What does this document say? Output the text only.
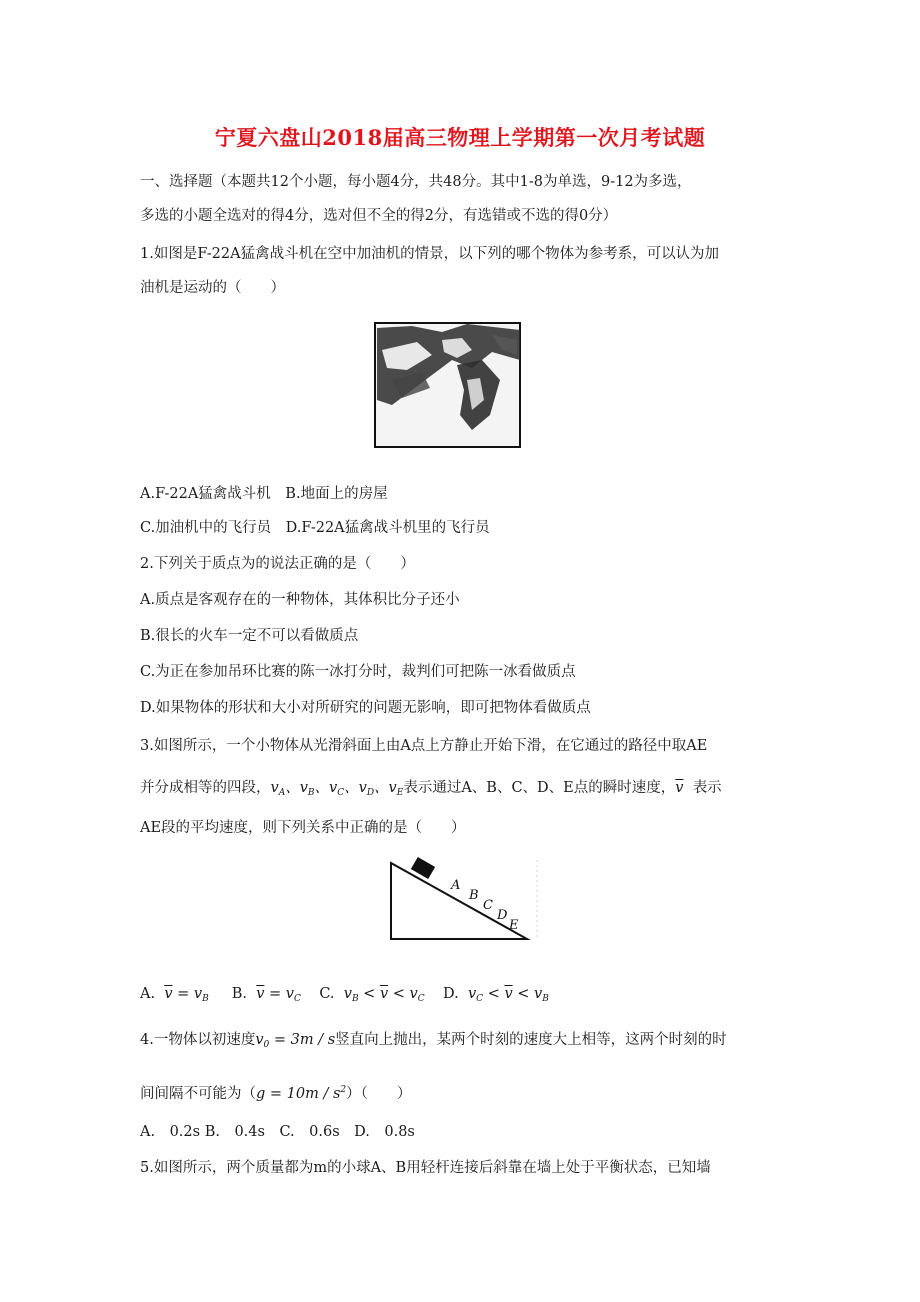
宁夏六盘山2018届高三物理上学期第一次月考试题
一、选择题（本题共12个小题，每小题4分，共48分。其中1-8为单选，9-12为多选，
多选的小题全选对的得4分，选对但不全的得2分，有选错或不选的得0分）
1.如图是F-22A猛禽战斗机在空中加油机的情景，以下列的哪个物体为参考系，可以认为加
油机是运动的（　　）
A.F-22A猛禽战斗机　B.地面上的房屋
C.加油机中的飞行员　D.F-22A猛禽战斗机里的飞行员
2.下列关于质点为的说法正确的是（　　）
A.质点是客观存在的一种物体，其体积比分子还小
B.很长的火车一定不可以看做质点
C.为正在参加吊环比赛的陈一冰打分时，裁判们可把陈一冰看做质点
D.如果物体的形状和大小对所研究的问题无影响，即可把物体看做质点
3.如图所示，一个小物体从光滑斜面上由A点上方静止开始下滑，在它通过的路径中取AE
并分成相等的四段，$v_A$、$v_B$、$v_C$、$v_D$、$v_E$表示通过A、B、C、D、E点的瞬时速度，$\overline{v}$ 表示
AE段的平均速度，则下列关系中正确的是（　　）
A
B
C
D
E
A. $\overline{v} = v_B$ B. $\overline{v} = v_C$ C. $v_B < \overline{v} < v_C$ D. $v_C < \overline{v} < v_B$
4.一物体以初速度$v_0 = 3m / s$竖直向上抛出，某两个时刻的速度大上相等，这两个时刻的时
间间隔不可能为$(g = 10m / s^2)$（　　）
A.　0.2s B.　0.4s　C.　0.6s　D.　0.8s
5.如图所示，两个质量都为m的小球A、B用轻杆连接后斜靠在墙上处于平衡状态，已知墙
